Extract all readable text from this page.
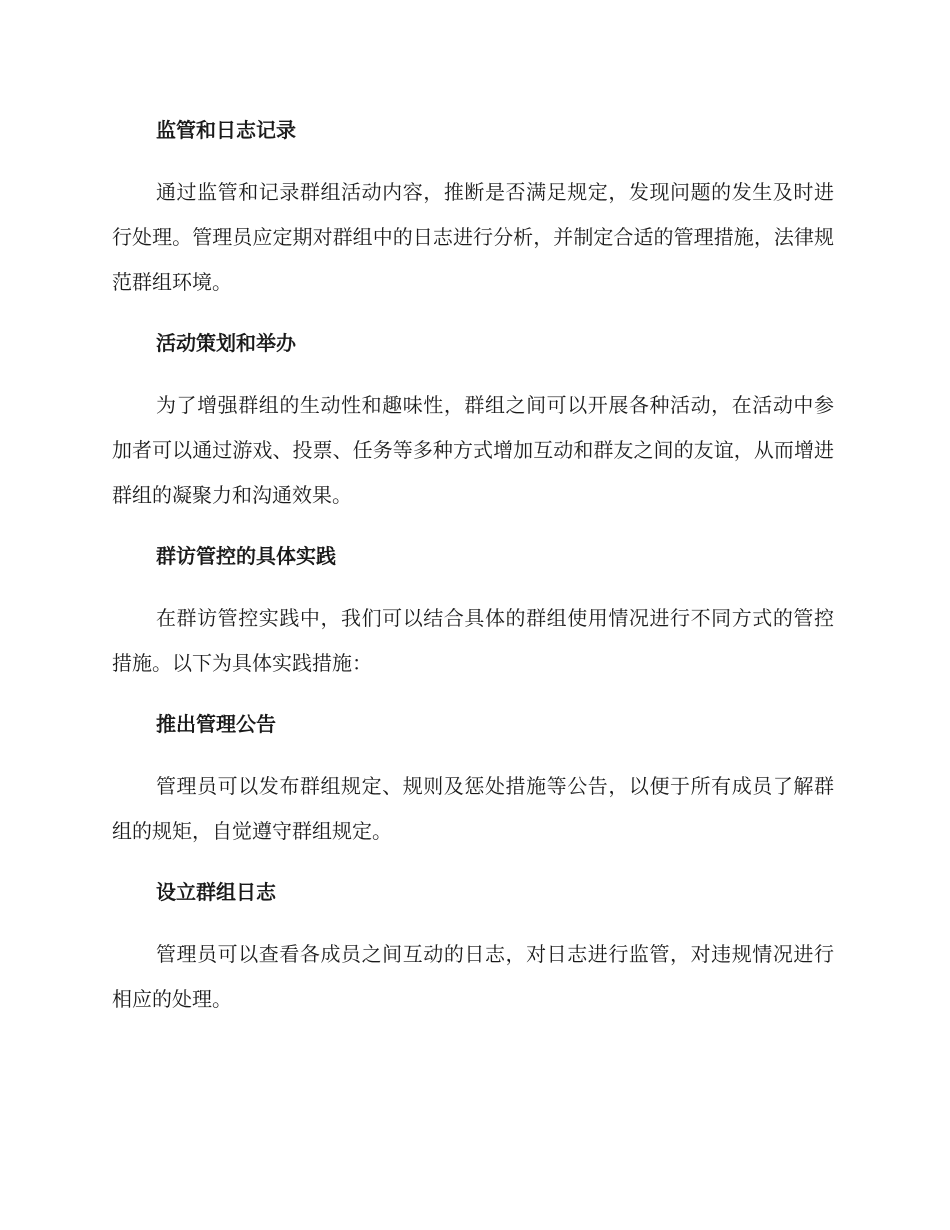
监管和日志记录

通过监管和记录群组活动内容，推断是否满足规定，发现问题的发生及时进行处理。管理员应定期对群组中的日志进行分析，并制定合适的管理措施，法律规范群组环境。

活动策划和举办

为了增强群组的生动性和趣味性，群组之间可以开展各种活动，在活动中参加者可以通过游戏、投票、任务等多种方式增加互动和群友之间的友谊，从而增进群组的凝聚力和沟通效果。

群访管控的具体实践

在群访管控实践中，我们可以结合具体的群组使用情况进行不同方式的管控措施。以下为具体实践措施：

推出管理公告

管理员可以发布群组规定、规则及惩处措施等公告，以便于所有成员了解群组的规矩，自觉遵守群组规定。

设立群组日志

管理员可以查看各成员之间互动的日志，对日志进行监管，对违规情况进行相应的处理。
